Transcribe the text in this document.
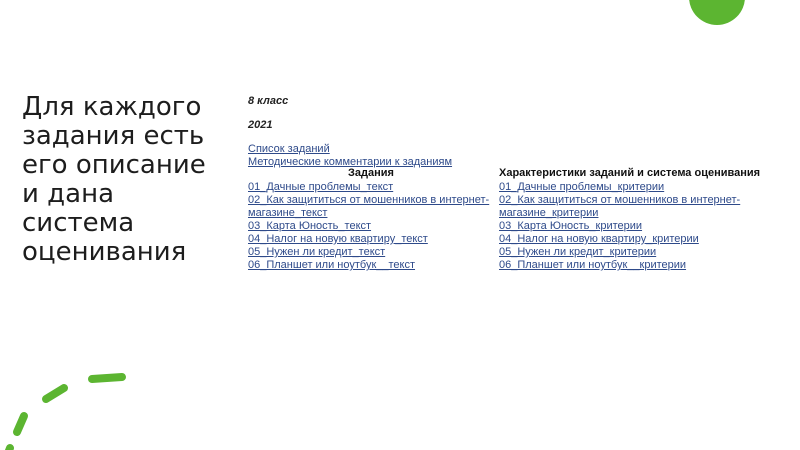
Для каждого
задания есть
его описание
и дана
система
оценивания

8 класс

2021

Список заданий
Методические комментарии к заданиям
Задания
01_Дачные проблемы_текст
02_Как защититься от мошенников в интернет-магазине_текст
03_Карта Юность_текст
04_Налог на новую квартиру_текст
05_Нужен ли кредит_текст
06_Планшет или ноутбук__текст
Характеристики заданий и система оценивания
01_Дачные проблемы_критерии
02_Как защититься от мошенников в интернет-магазине_критерии
03_Карта Юность_критерии
04_Налог на новую квартиру_критерии
05_Нужен ли кредит_критерии
06_Планшет или ноутбук__критерии
